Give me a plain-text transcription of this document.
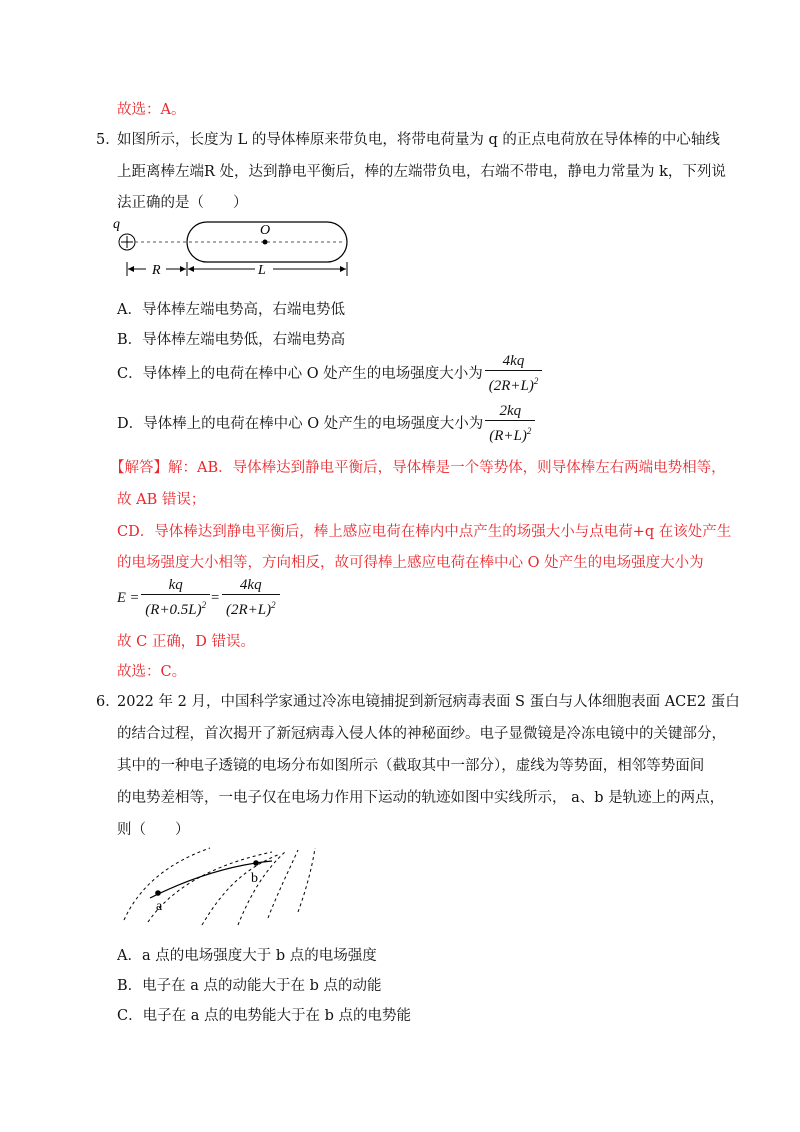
故选：A。
5．
如图所示，长度为 L 的导体棒原来带负电，将带电荷量为 q 的正点电荷放在导体棒的中心轴线
上距离棒左端R 处，达到静电平衡后，棒的左端带负电，右端不带电，静电力常量为 k，下列说
法正确的是（　　）
q	O
R	L
A．导体棒左端电势高，右端电势低
B．导体棒左端电势低，右端电势高
C．导体棒上的电荷在棒中心 O 处产生的电场强度大小为 $\frac{4kq}{(2R+L)^2}$
D．导体棒上的电荷在棒中心 O 处产生的电场强度大小为 $\frac{2kq}{(R+L)^2}$
【解答】解：AB．导体棒达到静电平衡后，导体棒是一个等势体，则导体棒左右两端电势相等，
故 AB 错误；
CD．导体棒达到静电平衡后，棒上感应电荷在棒内中点产生的场强大小与点电荷+q 在该处产生
的电场强度大小相等，方向相反，故可得棒上感应电荷在棒中心 O 处产生的电场强度大小为
$E = \frac{kq}{(R+0.5L)^2} = \frac{4kq}{(2R+L)^2}$
故 C 正确，D 错误。
故选：C。
6．
2022 年 2 月，中国科学家通过冷冻电镜捕捉到新冠病毒表面 S 蛋白与人体细胞表面 ACE2 蛋白
的结合过程，首次揭开了新冠病毒入侵人体的神秘面纱。电子显微镜是冷冻电镜中的关键部分，
其中的一种电子透镜的电场分布如图所示（截取其中一部分），虚线为等势面，相邻等势面间
的电势差相等，一电子仅在电场力作用下运动的轨迹如图中实线所示， a、b 是轨迹上的两点，
则（　　）
a
b
A．a 点的电场强度大于 b 点的电场强度
B．电子在 a 点的动能大于在 b 点的动能
C．电子在 a 点的电势能大于在 b 点的电势能
